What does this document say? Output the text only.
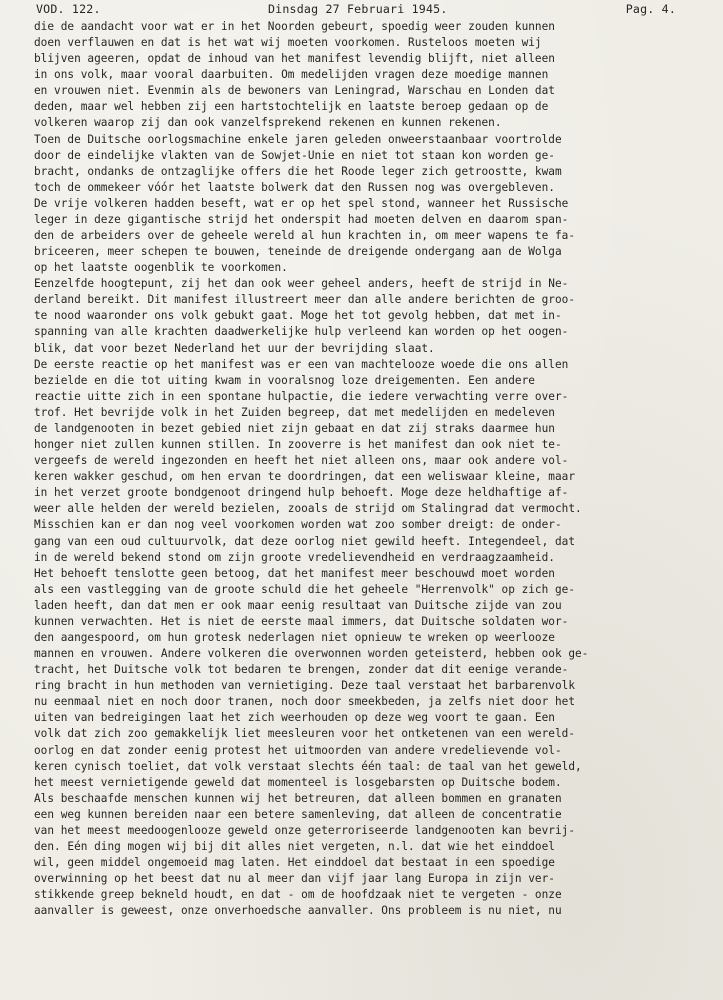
VOD. 122.	Dinsdag 27 Februari 1945.	Pag. 4.
die de aandacht voor wat er in het Noorden gebeurt, spoedig weer zouden kunnen
doen verflauwen en dat is het wat wij moeten voorkomen. Rusteloos moeten wij
blijven ageeren, opdat de inhoud van het manifest levendig blijft, niet alleen
in ons volk, maar vooral daarbuiten. Om medelijden vragen deze moedige mannen
en vrouwen niet. Evenmin als de bewoners van Leningrad, Warschau en Londen dat
deden, maar wel hebben zij een hartstochtelijk en laatste beroep gedaan op de
volkeren waarop zij dan ook vanzelfsprekend rekenen en kunnen rekenen.
Toen de Duitsche oorlogsmachine enkele jaren geleden onweerstaanbaar voortrolde
door de eindelijke vlakten van de Sowjet-Unie en niet tot staan kon worden ge-
bracht, ondanks de ontzaglijke offers die het Roode leger zich getroostte, kwam
toch de ommekeer vóór het laatste bolwerk dat den Russen nog was overgebleven.
De vrije volkeren hadden beseft, wat er op het spel stond, wanneer het Russische
leger in deze gigantische strijd het onderspit had moeten delven en daarom span-
den de arbeiders over de geheele wereld al hun krachten in, om meer wapens te fa-
briceeren, meer schepen te bouwen, teneinde de dreigende ondergang aan de Wolga
op het laatste oogenblik te voorkomen.
Eenzelfde hoogtepunt, zij het dan ook weer geheel anders, heeft de strijd in Ne-
derland bereikt. Dit manifest illustreert meer dan alle andere berichten de groo-
te nood waaronder ons volk gebukt gaat. Moge het tot gevolg hebben, dat met in-
spanning van alle krachten daadwerkelijke hulp verleend kan worden op het oogen-
blik, dat voor bezet Nederland het uur der bevrijding slaat.
De eerste reactie op het manifest was er een van machtelooze woede die ons allen
bezielde en die tot uiting kwam in vooralsnog loze dreigementen. Een andere
reactie uitte zich in een spontane hulpactie, die iedere verwachting verre over-
trof. Het bevrijde volk in het Zuiden begreep, dat met medelijden en medeleven
de landgenooten in bezet gebied niet zijn gebaat en dat zij straks daarmee hun
honger niet zullen kunnen stillen. In zooverre is het manifest dan ook niet te-
vergeefs de wereld ingezonden en heeft het niet alleen ons, maar ook andere vol-
keren wakker geschud, om hen ervan te doordringen, dat een weliswaar kleine, maar
in het verzet groote bondgenoot dringend hulp behoeft. Moge deze heldhaftige af-
weer alle helden der wereld bezielen, zooals de strijd om Stalingrad dat vermocht.
Misschien kan er dan nog veel voorkomen worden wat zoo somber dreigt: de onder-
gang van een oud cultuurvolk, dat deze oorlog niet gewild heeft. Integendeel, dat
in de wereld bekend stond om zijn groote vredelievendheid en verdraagzaamheid.
Het behoeft tenslotte geen betoog, dat het manifest meer beschouwd moet worden
als een vastlegging van de groote schuld die het geheele "Herrenvolk" op zich ge-
laden heeft, dan dat men er ook maar eenig resultaat van Duitsche zijde van zou
kunnen verwachten. Het is niet de eerste maal immers, dat Duitsche soldaten wor-
den aangespoord, om hun grotesk nederlagen niet opnieuw te wreken op weerlooze
mannen en vrouwen. Andere volkeren die overwonnen worden geteisterd, hebben ook ge-
tracht, het Duitsche volk tot bedaren te brengen, zonder dat dit eenige verande-
ring bracht in hun methoden van vernietiging. Deze taal verstaat het barbarenvolk
nu eenmaal niet en noch door tranen, noch door smeekbeden, ja zelfs niet door het
uiten van bedreigingen laat het zich weerhouden op deze weg voort te gaan. Een
volk dat zich zoo gemakkelijk liet meesleuren voor het ontketenen van een wereld-
oorlog en dat zonder eenig protest het uitmoorden van andere vredelievende vol-
keren cynisch toeliet, dat volk verstaat slechts één taal: de taal van het geweld,
het meest vernietigende geweld dat momenteel is losgebarsten op Duitsche bodem.
Als beschaafde menschen kunnen wij het betreuren, dat alleen bommen en granaten
een weg kunnen bereiden naar een betere samenleving, dat alleen de concentratie
van het meest meedoogenlooze geweld onze geterroriseerde landgenooten kan bevrij-
den. Eén ding mogen wij bij dit alles niet vergeten, n.l. dat wie het einddoel
wil, geen middel ongemoeid mag laten. Het einddoel dat bestaat in een spoedige
overwinning op het beest dat nu al meer dan vijf jaar lang Europa in zijn ver-
stikkende greep bekneld houdt, en dat - om de hoofdzaak niet te vergeten - onze
aanvaller is geweest, onze onverhoedsche aanvaller. Ons probleem is nu niet, nu
